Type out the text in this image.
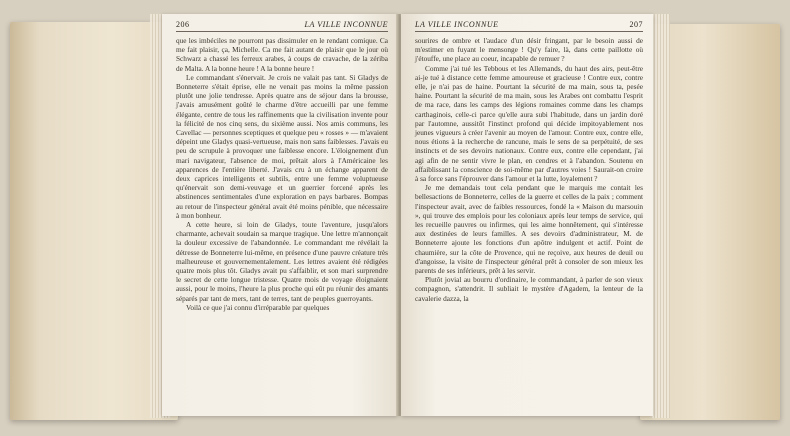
206	LA VILLE INCONNUE

que les imbéciles ne pourront pas dissimuler en le rendant comique. Ca me fait plaisir, ça, Michelle. Ca me fait autant de plaisir que le jour où Schwarz a chassé les ferreux arabes, à coups de cravache, de la zériba de Malta. A la bonne heure ! A la bonne heure !

Le commandant s'énervait. Je crois ne valait pas tant. Si Gladys de Bonneterre s'était éprise, elle ne venait pas moins la même passion plutôt une jolie tendresse. Après quatre ans de séjour dans la brousse, j'avais amusément goûté le charme d'être accueilli par une femme élégante, centre de tous les raffinements que la civilisation invente pour la félicité de nos cinq sens, du sixième aussi. Nos amis communs, les Cavellac — personnes sceptiques et quelque peu « rosses » — m'avaient dépeint une Gladys quasi-vertueuse, mais non sans faiblesses. J'avais eu peu de scrupule à provoquer une faiblesse encore. L'éloignement d'un mari navigateur, l'absence de moi, prêtait alors à l'Américaine les apparences de l'entière liberté. J'avais cru à un échange apparent de deux caprices intelligents et subtils, entre une femme voluptueuse qu'énervait son demi-veuvage et un guerrier forcené après les abstinences sentimentales d'une exploration en pays barbares. Bompas au retour de l'inspecteur général avait été moins pénible, que nécessaire à mon bonheur.

A cette heure, si loin de Gladys, toute l'aventure, jusqu'alors charmante, achevait soudain sa marque tragique. Une lettre m'annonçait la douleur excessive de l'abandonnée. Le commandant me révélait la détresse de Bonneterre lui-même, en présence d'une pauvre créature très malheureuse et gouvernementalement. Les lettres avaient été rédigées quatre mois plus tôt. Gladys avait pu s'affaiblir, et son mari surprendre le secret de cette longue tristesse. Quatre mois de voyage éloignaient aussi, pour le moins, l'heure la plus proche qui eût pu réunir des amants séparés par tant de mers, tant de terres, tant de peuples guerroyants.

Voilà ce que j'ai connu d'irréparable par quelques

LA VILLE INCONNUE	207

sourires de ombre et l'audace d'un désir fringant, par le besoin aussi de m'estimer en fuyant le mensonge ! Qu'y faire, là, dans cette paillotte où j'étouffe, une place au coeur, incapable de remuer ?

Comme j'ai tué les Tebbous et les Allemands, du haut des airs, peut-être ai-je tué à distance cette femme amoureuse et gracieuse ! Contre eux, contre elle, je n'ai pas de haine. Pourtant la sécurité de ma main, sous ta, pesée haine. Pourtant la sécurité de ma main, sous les Arabes ont combattu l'esprit de ma race, dans les camps des légions romaines comme dans les champs carthaginois, celle-ci parce qu'elle aura subi l'habitude, dans un jardin doré par l'automne, aussitôt l'instinct profond qui décide impitoyablement nos jeunes vigueurs à créer l'avenir au moyen de l'amour. Contre eux, contre elle, nous étions à la recherche de rancune, mais le sens de sa perpétuité, de ses instincts et de ses devoirs nationaux. Contre eux, contre elle cependant, j'ai agi afin de ne sentir vivre le plan, en cendres et à l'abandon. Soutenu en affaiblissant la conscience de soi-même par d'autres voies ! Saurait-on croire à sa force sans l'éprouver dans l'amour et la lutte, loyalement ?

Je me demandais tout cela pendant que le marquis me contait les bellesactions de Bonneterre, celles de la guerre et celles de la paix ; comment l'inspecteur avait, avec de faibles ressources, fondé la « Maison du marsouin », qui trouve des emplois pour les coloniaux après leur temps de service, qui les recueille pauvres ou infirmes, qui les aime honnêtement, qui s'intéresse aux destinées de leurs familles. A ses devoirs d'administrateur, M. de Bonneterre ajoute les fonctions d'un apôtre indulgent et actif. Point de chaumière, sur la côte de Provence, qui ne reçoive, aux heures de deuil ou d'angoisse, la visite de l'inspecteur général prêt à consoler de son mieux les parents de ses inférieurs, prêt à les servir.

Plutôt jovial au bourru d'ordinaire, le commandant, à parler de son vieux compagnon, s'attendrit. Il subliait le mystère d'Agadem, la lenteur de la cavalerie dazza, la
